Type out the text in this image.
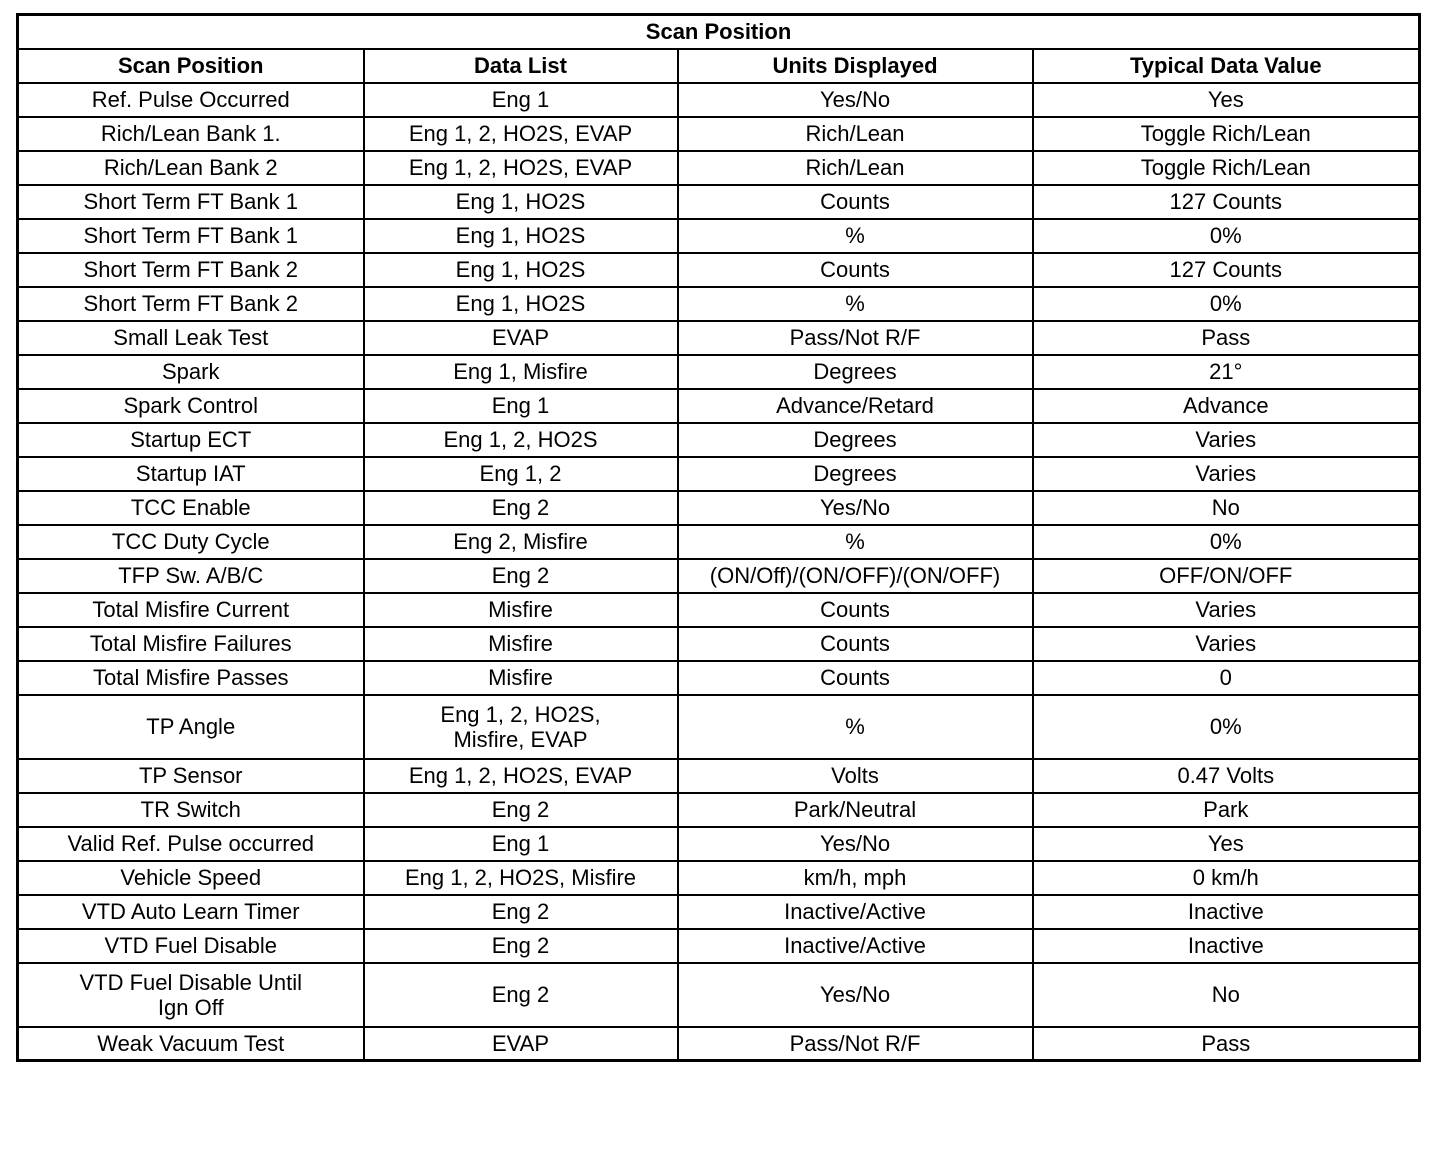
Scan Position			
Scan Position	Data List	Units Displayed	Typical Data Value

Ref. Pulse Occurred	Eng 1	Yes/No	Yes

Rich/Lean Bank 1.	Eng 1, 2, HO2S, EVAP	Rich/Lean	Toggle Rich/Lean

Rich/Lean Bank 2	Eng 1, 2, HO2S, EVAP	Rich/Lean	Toggle Rich/Lean

Short Term FT Bank 1	Eng 1, HO2S	Counts	127 Counts

Short Term FT Bank 1	Eng 1, HO2S	%	0%

Short Term FT Bank 2	Eng 1, HO2S	Counts	127 Counts

Short Term FT Bank 2	Eng 1, HO2S	%	0%

Small Leak Test	EVAP	Pass/Not R/F	Pass

Spark	Eng 1, Misfire	Degrees	21°

Spark Control	Eng 1	Advance/Retard	Advance

Startup ECT	Eng 1, 2, HO2S	Degrees	Varies

Startup IAT	Eng 1, 2	Degrees	Varies

TCC Enable	Eng 2	Yes/No	No

TCC Duty Cycle	Eng 2, Misfire	%	0%

TFP Sw. A/B/C	Eng 2	(ON/Off)/(ON/OFF)/(ON/OFF)	OFF/ON/OFF

Total Misfire Current	Misfire	Counts	Varies

Total Misfire Failures	Misfire	Counts	Varies

Total Misfire Passes	Misfire	Counts	0

TP Angle	Eng 1, 2, HO2S,
Misfire, EVAP	%	0%

TP Sensor	Eng 1, 2, HO2S, EVAP	Volts	0.47 Volts

TR Switch	Eng 2	Park/Neutral	Park

Valid Ref. Pulse occurred	Eng 1	Yes/No	Yes

Vehicle Speed	Eng 1, 2, HO2S, Misfire	km/h, mph	0 km/h

VTD Auto Learn Timer	Eng 2	Inactive/Active	Inactive

VTD Fuel Disable	Eng 2	Inactive/Active	Inactive

VTD Fuel Disable Until
Ign Off	Eng 2	Yes/No	No

Weak Vacuum Test	EVAP	Pass/Not R/F	Pass
